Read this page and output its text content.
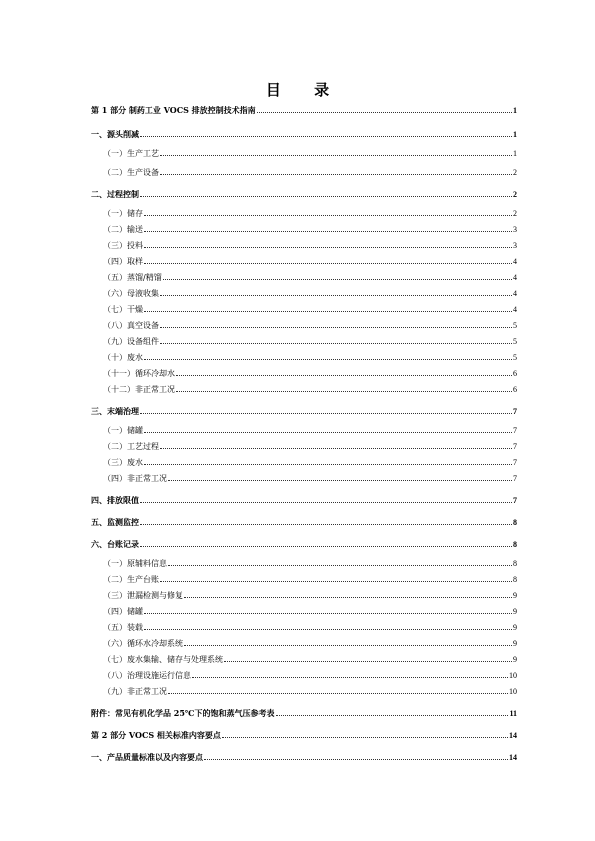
目 录
第 1 部分 制药工业 VOCS 排放控制技术指南	1
一、源头削减	1
（一）生产工艺	1
（二）生产设备	2
二、过程控制	2
（一）储存	2
（二）输送	3
（三）投料	3
（四）取样	4
（五）蒸馏/精馏	4
（六）母液收集	4
（七）干燥	4
（八）真空设备	5
（九）设备组件	5
（十）废水	5
（十一）循环冷却水	6
（十二）非正常工况	6
三、末端治理	7
（一）储罐	7
（二）工艺过程	7
（三）废水	7
（四）非正常工况	7
四、排放限值	7
五、监测监控	8
六、台账记录	8
（一）原辅料信息	8
（二）生产台账	8
（三）泄漏检测与修复	9
（四）储罐	9
（五）装载	9
（六）循环水冷却系统	9
（七）废水集输、储存与处理系统	9
（八）治理设施运行信息	10
（九）非正常工况	10
附件：常见有机化学品 25℃下的饱和蒸气压参考表	11
第 2 部分 VOCS 相关标准内容要点	14
一、产品质量标准以及内容要点	14
